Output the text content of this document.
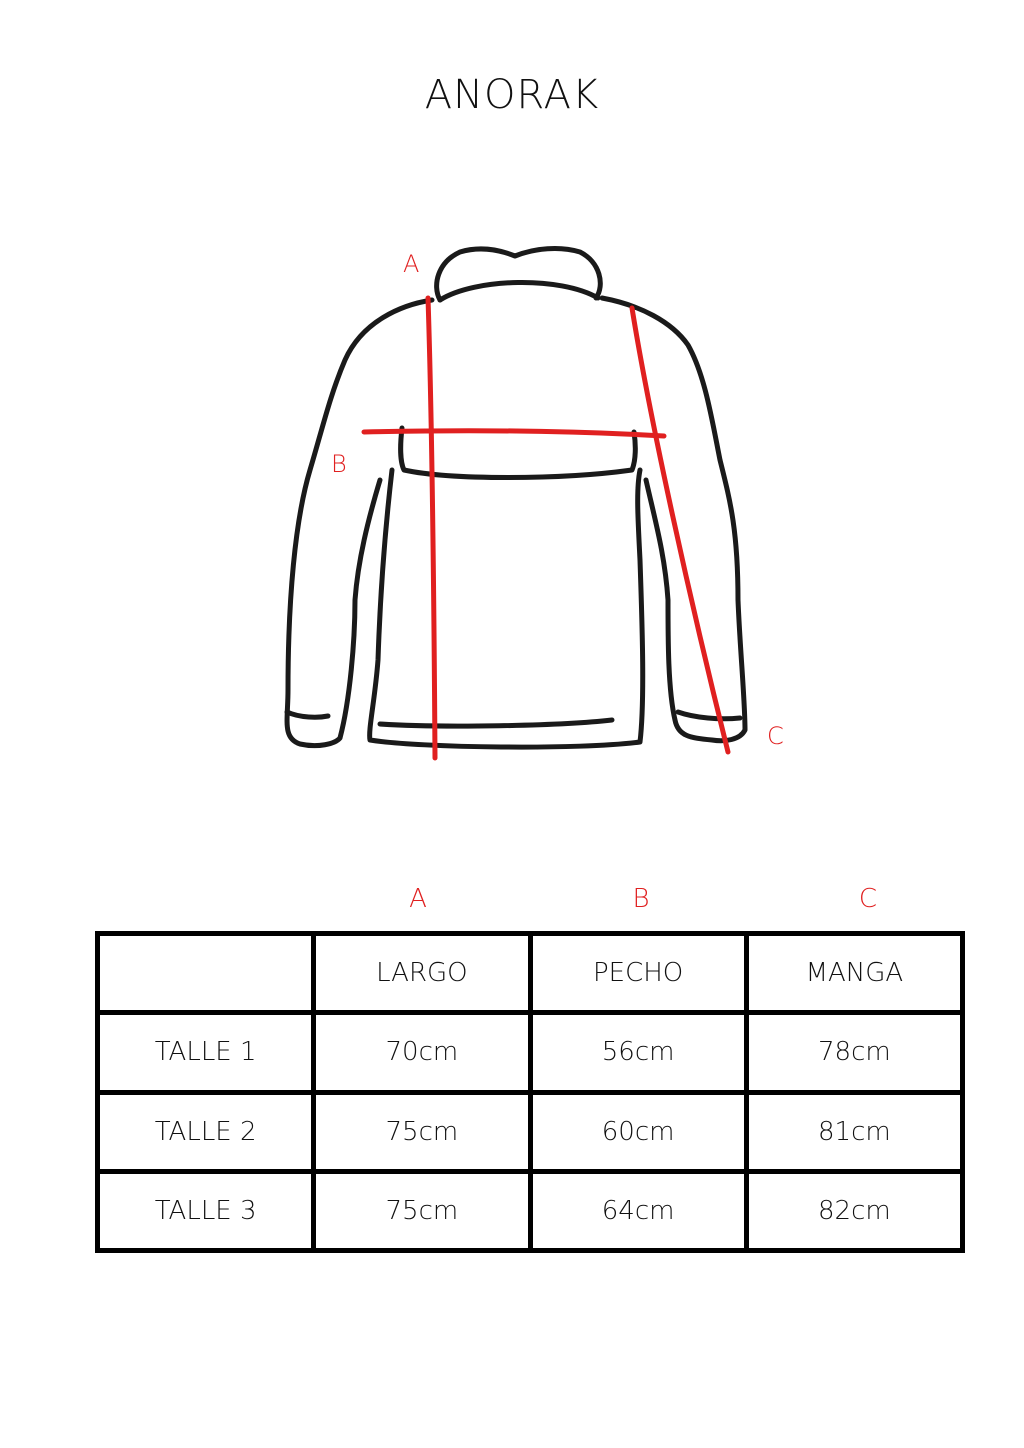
ANORAK
A
B
C
A	B	C
	LARGO	PECHO	MANGA
TALLE 1	70cm	56cm	78cm
TALLE 2	75cm	60cm	81cm
TALLE 3	75cm	64cm	82cm
